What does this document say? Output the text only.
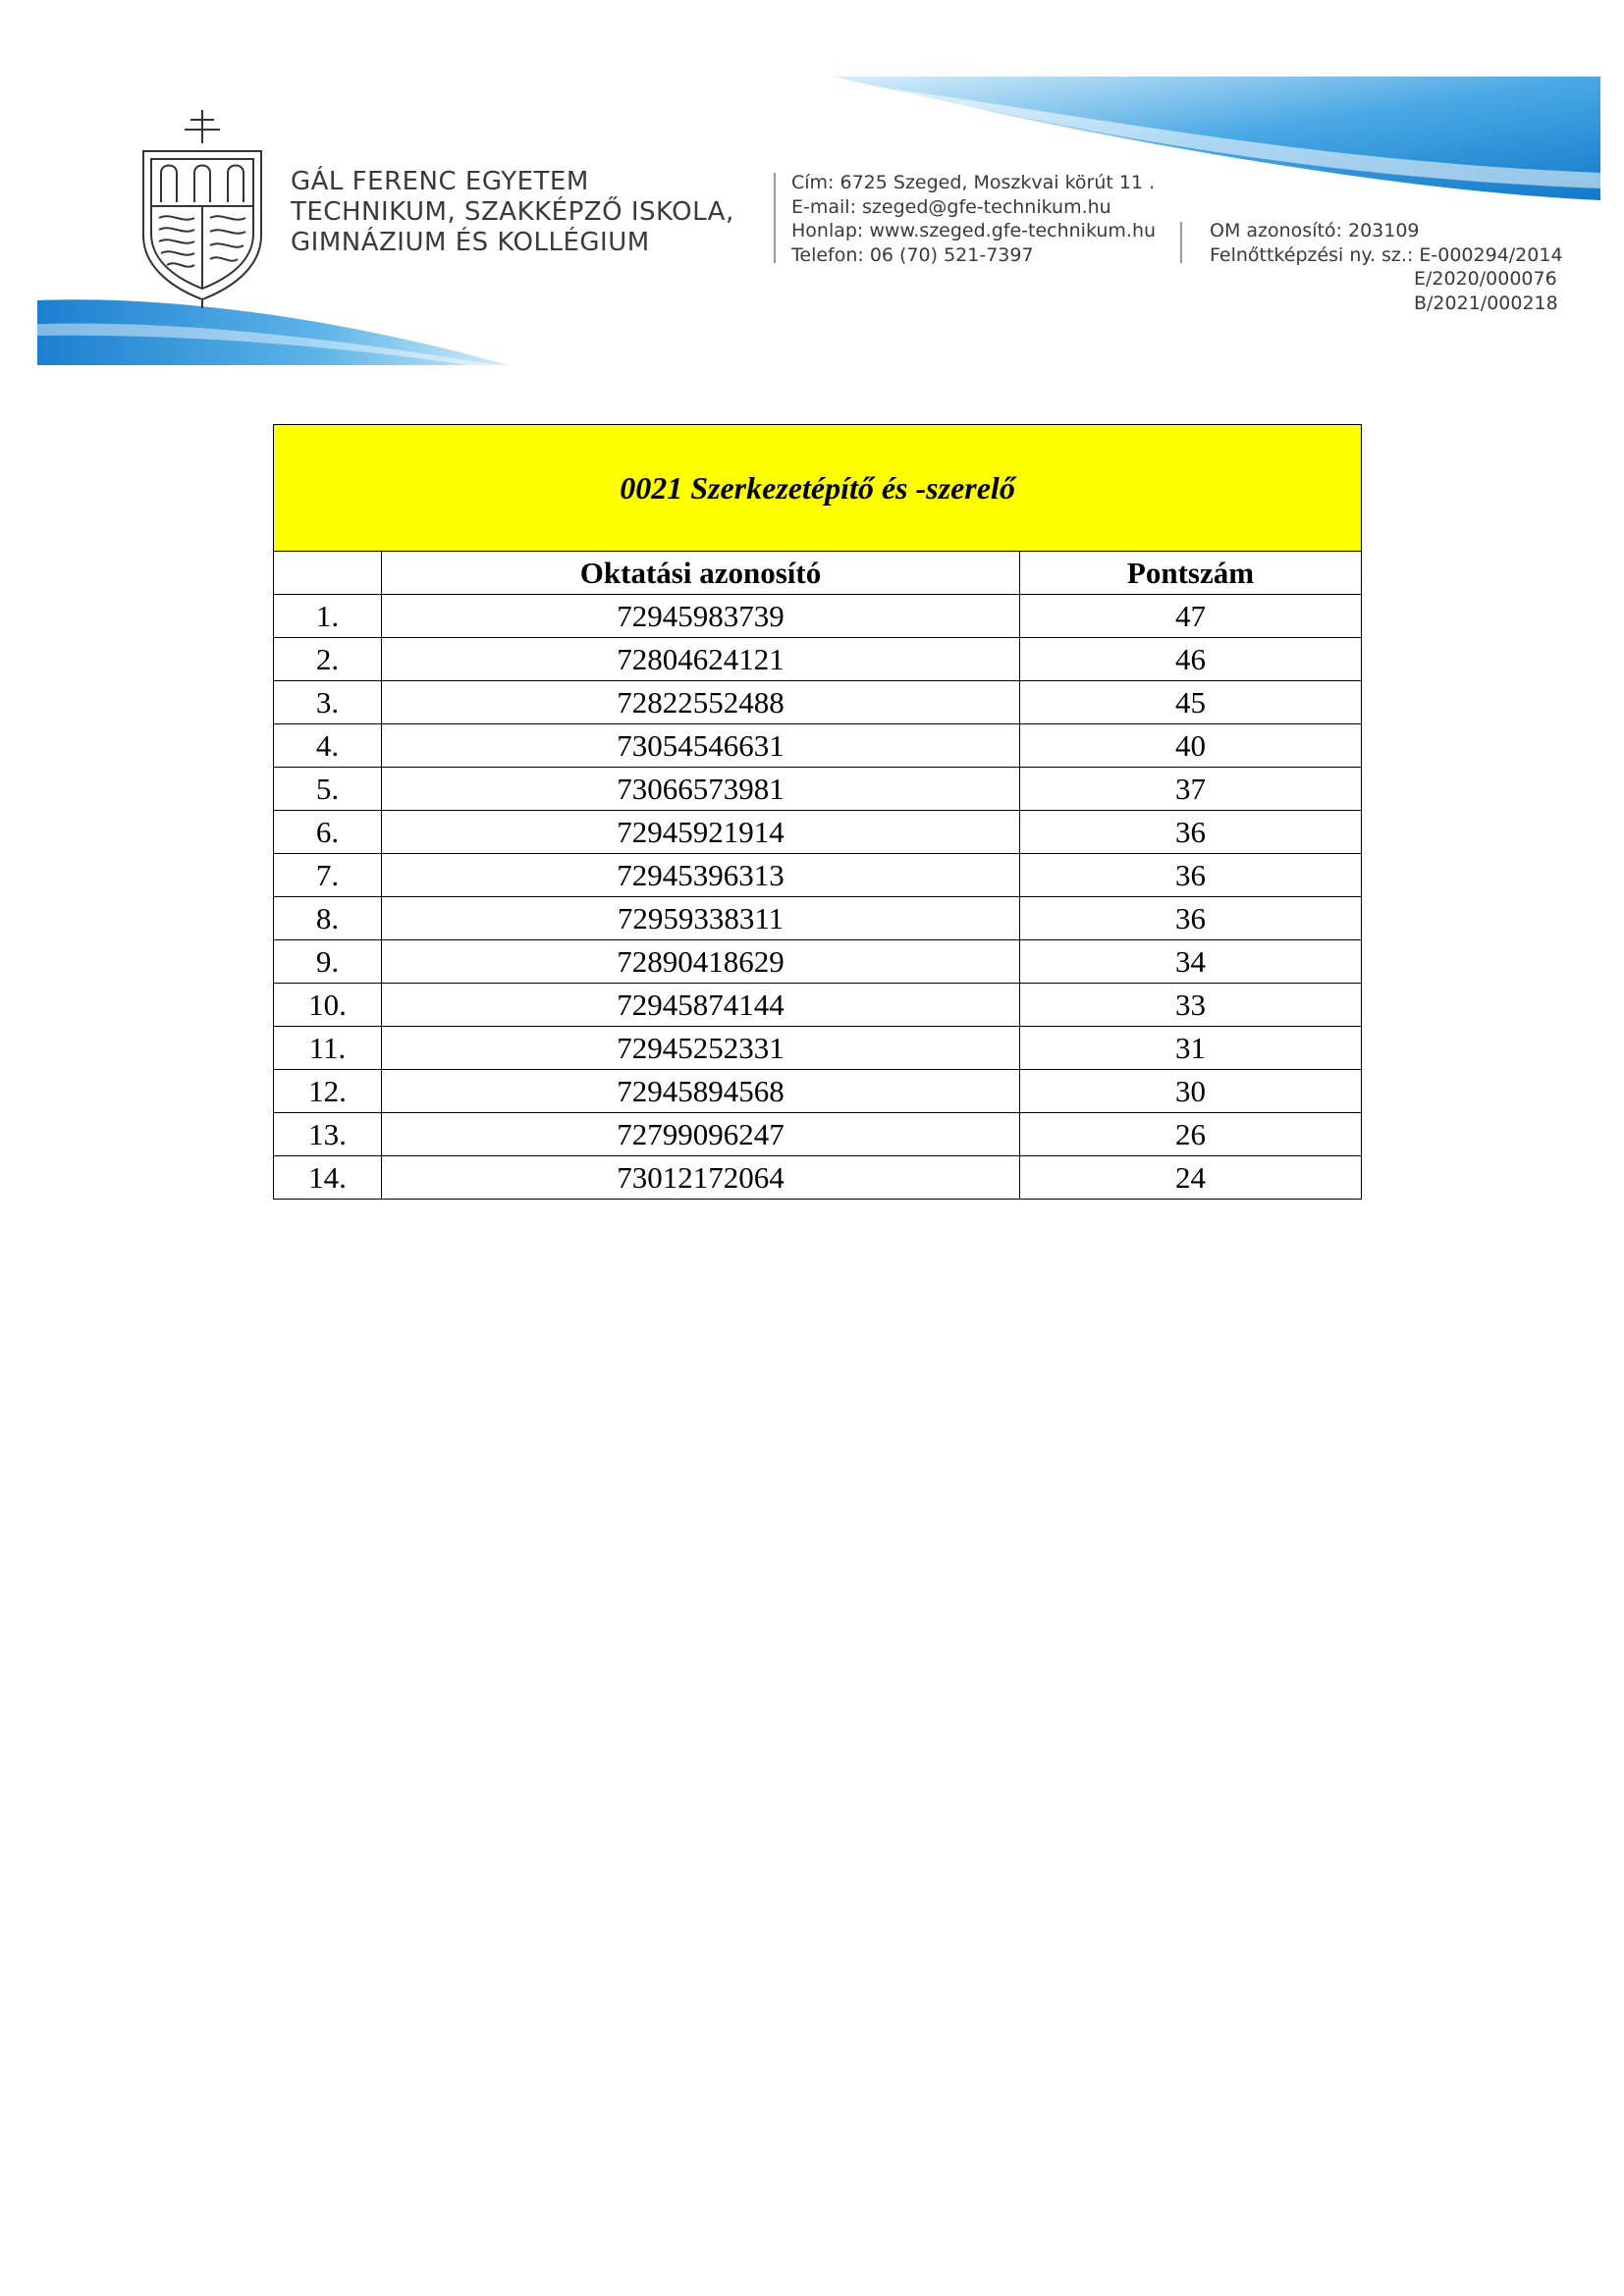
GÁL FERENC EGYETEM
TECHNIKUM, SZAKKÉPZŐ ISKOLA,
GIMNÁZIUM ÉS KOLLÉGIUM
Cím: 6725 Szeged, Moszkvai körút 11 .
E-mail: szeged@gfe-technikum.hu
Honlap: www.szeged.gfe-technikum.hu
Telefon: 06 (70) 521-7397
OM azonosító: 203109
Felnőttképzési ny. sz.: E-000294/2014
E/2020/000076
B/2021/000218
0021 Szerkezetépítő és -szerelő		
	Oktatási azonosító	Pontszám
1.	72945983739	47
2.	72804624121	46
3.	72822552488	45
4.	73054546631	40
5.	73066573981	37
6.	72945921914	36
7.	72945396313	36
8.	72959338311	36
9.	72890418629	34
10.	72945874144	33
11.	72945252331	31
12.	72945894568	30
13.	72799096247	26
14.	73012172064	24
